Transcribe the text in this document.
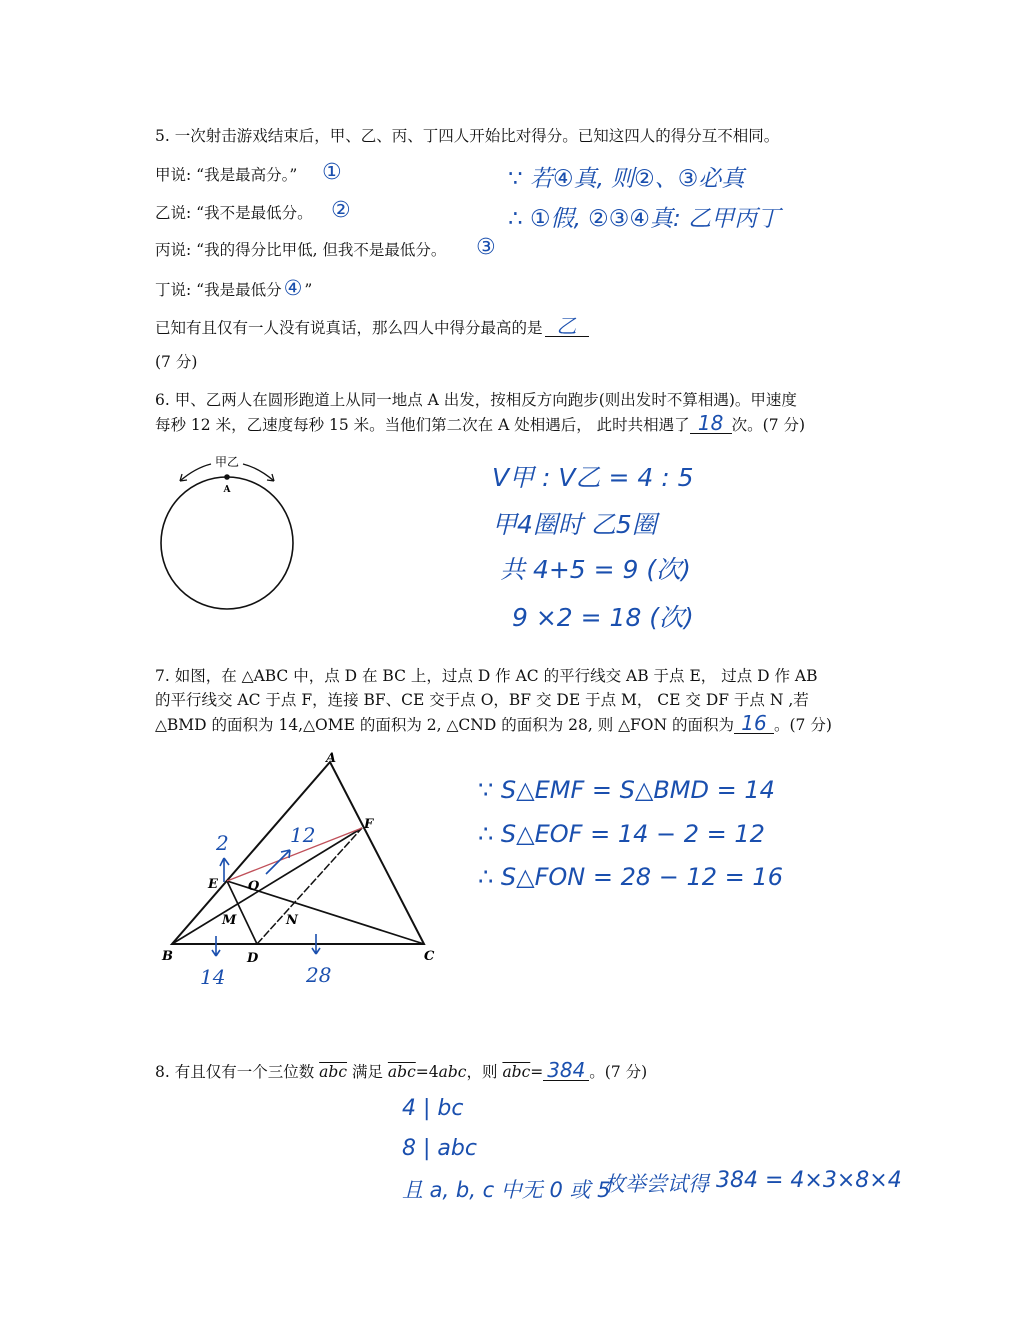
5. 一次射击游戏结束后，甲、乙、丙、丁四人开始比对得分。已知这四人的得分互不相同。
甲说: “我是最高分。” ①
乙说: “我不是最低分。 ②
丙说: “我的得分比甲低, 但我不是最低分。 ③
丁说: “我是最低分④ ”
已知有且仅有一人没有说真话，那么四人中得分最高的是 乙
(7 分)
∵ 若④真, 则②、③必真
∴ ①假, ②③④真: 乙甲丙丁
6. 甲、乙两人在圆形跑道上从同一地点 A 出发，按相反方向跑步(则出发时不算相遇)。甲速度
每秒 12 米，乙速度每秒 15 米。当他们第二次在 A 处相遇后， 此时共相遇了 18 次。(7 分)
甲乙
A	V甲 : V乙 = 4 : 5
甲4圈时 乙5圈
共 4+5 = 9 (次)
9 ×2 = 18 (次)
7. 如图，在 △ABC 中，点 D 在 BC 上，过点 D 作 AC 的平行线交 AB 于点 E， 过点 D 作 AB
的平行线交 AC 于点 F，连接 BF、CE 交于点 O，BF 交 DE 于点 M， CE 交 DF 于点 N ,若
△BMD 的面积为 14,△OME 的面积为 2, △CND 的面积为 28, 则 △FON 的面积为 16 。(7 分)
A
B	C
D
E
F
O
M	N
2	12
14	28
∵ S△EMF = S△BMD = 14
∴ S△EOF = 14 − 2 = 12
∴ S△FON = 28 − 12 = 16
8. 有且仅有一个三位数 $\overline{abc}$ 满足 $\overline{abc}=4abc$，则 $\overline{abc}= 384$ 。(7 分)
4 | bc
8 | abc
且 a, b, c 中无 0 或 5
枚举尝试得 384 = 4×3×8×4
